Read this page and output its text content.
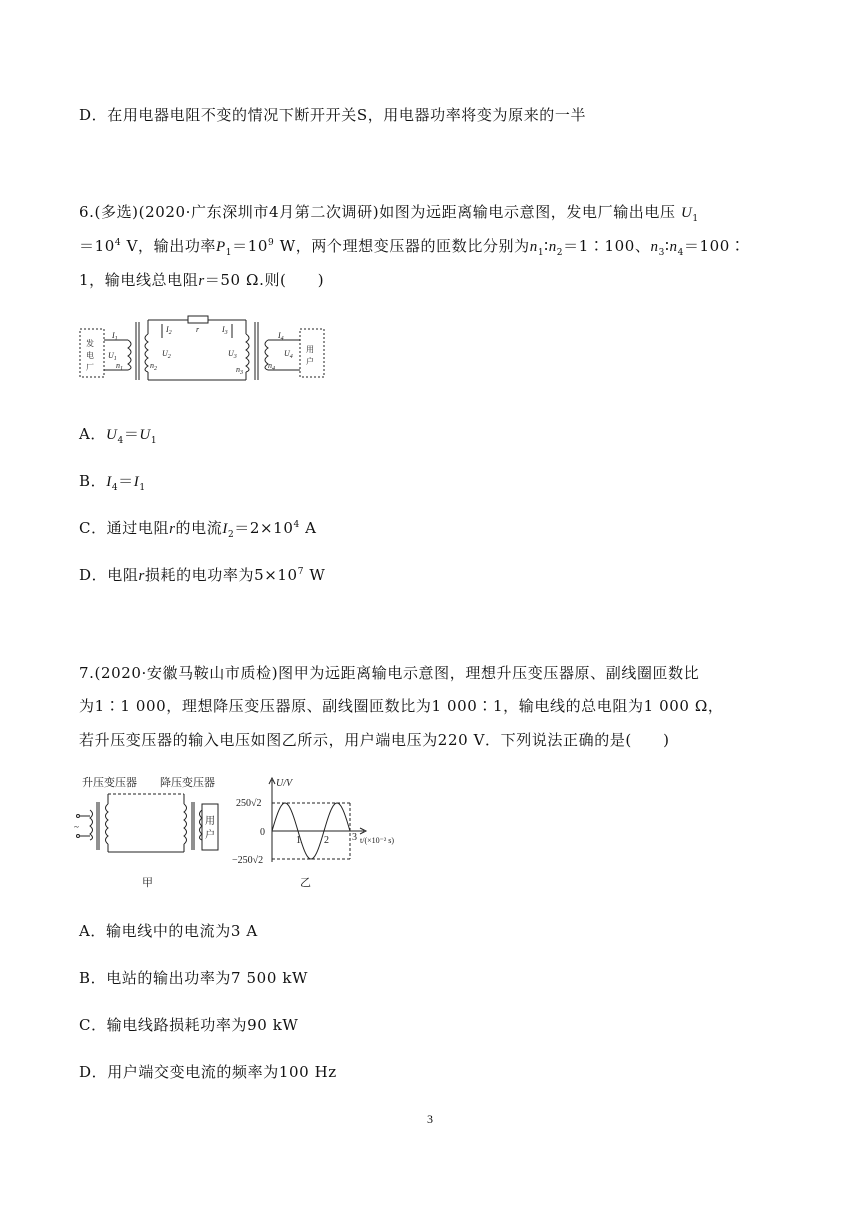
D．在用电器电阻不变的情况下断开开关S，用电器功率将变为原来的一半
6.(多选)(2020·广东深圳市4月第二次调研)如图为远距离输电示意图，发电厂输出电压 $U_1$
$=10^4$ V，输出功率$P_1=10^9$ W，两个理想变压器的匝数比分别为$n_1∶n_2=1∶100$、$n_3∶n_4=100∶$
1，输电线总电阻r＝50 Ω.则(　　)
发
电
厂
用
户
$I_1$
$U_1$
$n_1$
$I_2$	r	$I_3$
$U_2$
$n_2$
$U_3$
$n_3$
$I_4$
$U_4$
$n_4$
A．$U_4=U_1$
B．$I_4=I_1$
C．通过电阻r的电流$I_2=2\times 10^4$ A
D．电阻r损耗的电功率为$5\times 10^7$ W
7.(2020·安徽马鞍山市质检)图甲为远距离输电示意图，理想升压变压器原、副线圈匝数比
为1∶1 000，理想降压变压器原、副线圈匝数比为1 000∶1，输电线的总电阻为1 000 Ω，
若升压变压器的输入电压如图乙所示，用户端电压为220 V．下列说法正确的是(　　)
升压变压器 降压变压器
用
户
甲
~
U/V
250√2
0
−250√2
1 2 3 t/(×10⁻² s)
乙
A．输电线中的电流为3 A
B．电站的输出功率为7 500 kW
C．输电线路损耗功率为90 kW
D．用户端交变电流的频率为100 Hz
3
